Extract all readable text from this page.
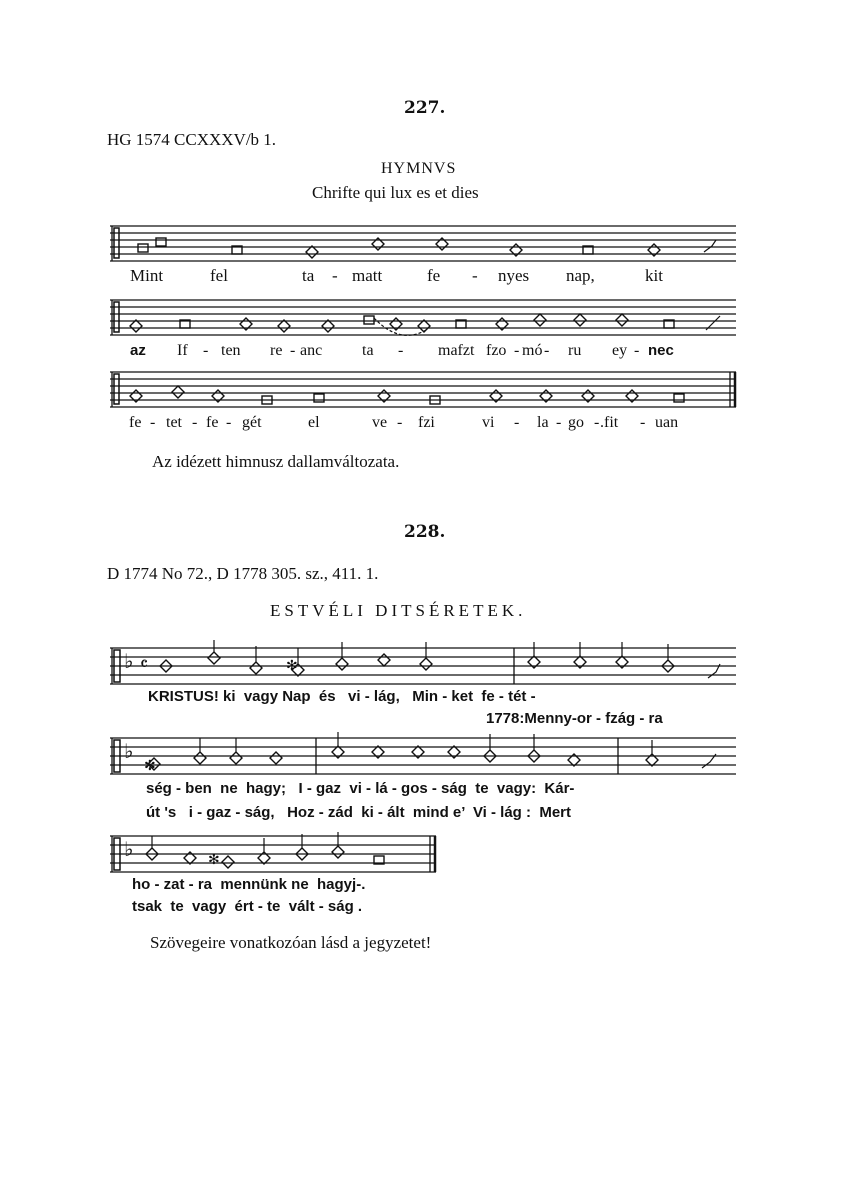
227.
HG 1574 CCXXXV/b 1.
HYMNVS
Chrifte qui lux es et dies
♭
♭
♭
𝄴	✻
✻
✻
Mint	fel	ta - matt	fe - nyes nap,	kit
az If - ten re - anc ta - mafzt fzo - mó - ru ey - nec
fe - tet - fe - gét	el	ve - fzi	vi - la - go - .fit - uan
Az idézett himnusz dallamváltozata.
228.
D 1774 No 72., D 1778 305. sz., 411. 1.
ESTVÉLI DITSÉRETEK.
KRISTUS! ki  vagy Nap  és   vi - lág,   Min - ket  fe - tét -
1778:Menny-or - fzág - ra
ség - ben  ne  hagy;   I - gaz  vi - lá - gos - ság  te  vagy:  Kár-
út 's   i - gaz - ság,   Hoz - zád  ki - ált  mind e’  Vi - lág :  Mert
ho - zat - ra  mennünk ne  hagyj-.
tsak  te  vagy  ért - te  vált - ság .
Szövegeire vonatkozóan lásd a jegyzetet!
